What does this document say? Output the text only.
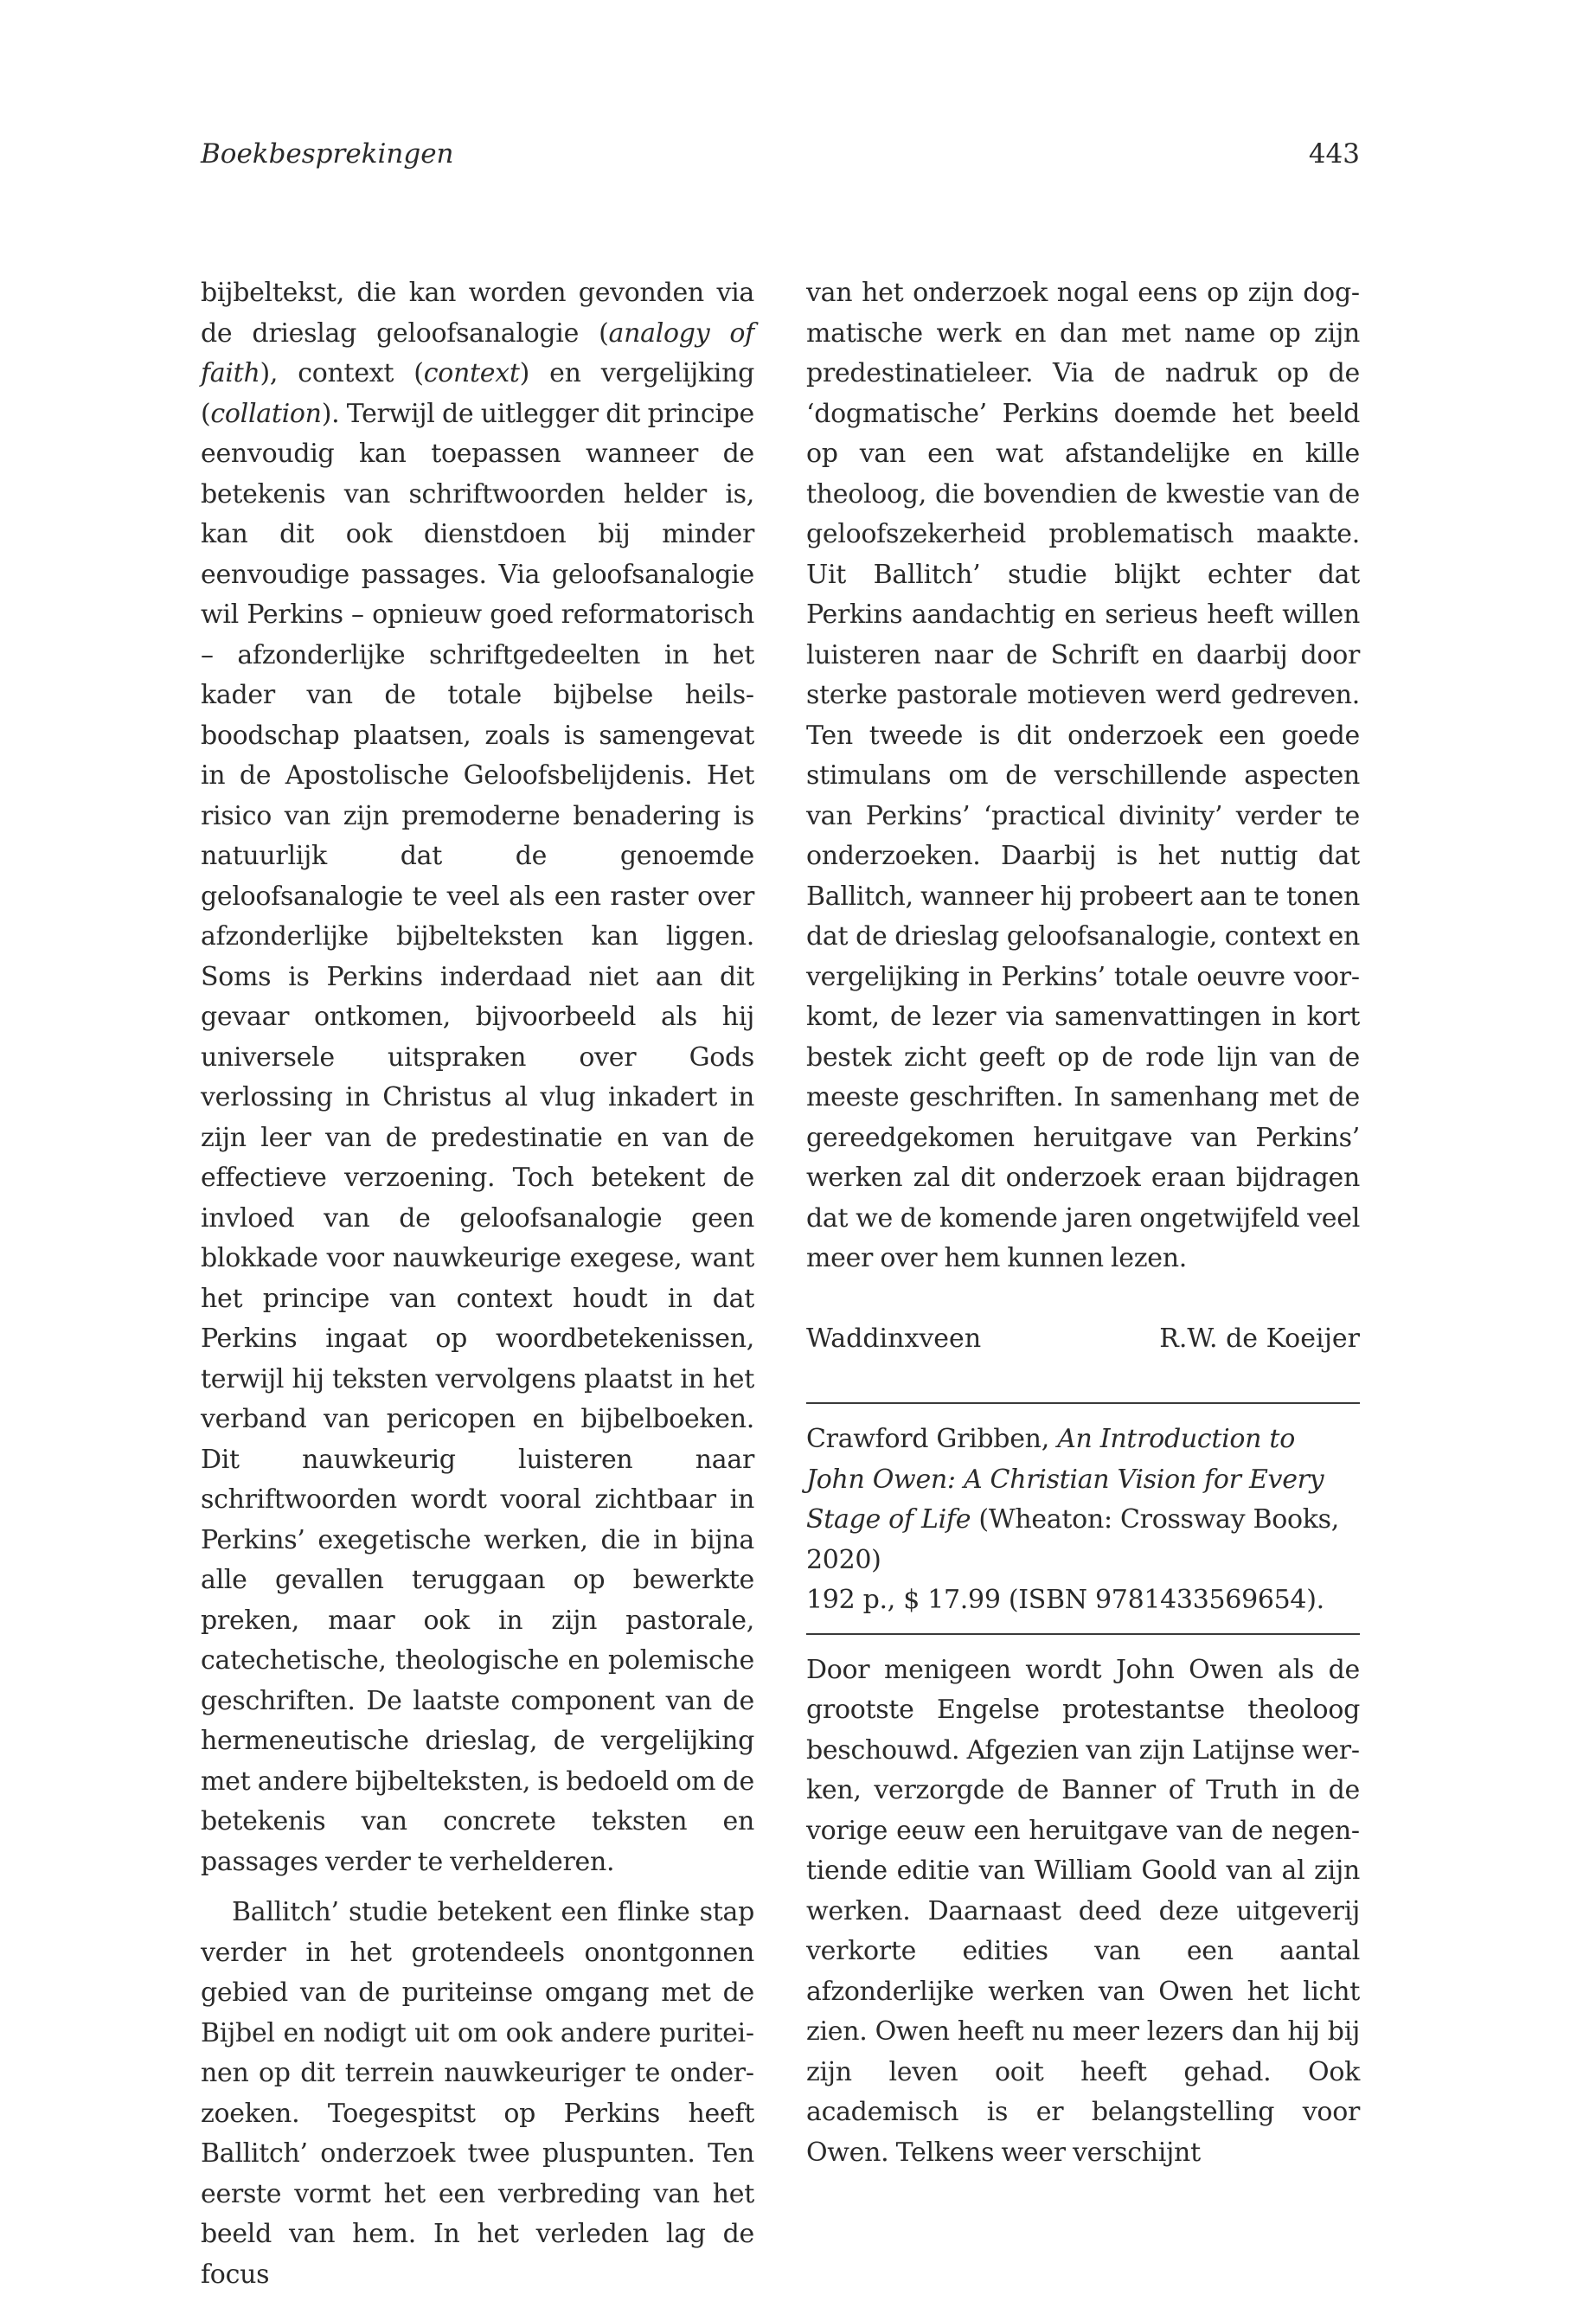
Boekbesprekingen	443

bijbeltekst, die kan worden gevonden via de drieslag geloofsanalogie (analogy of faith), context (context) en vergelijking (collation). Terwijl de uitlegger dit principe eenvoudig kan toepassen wanneer de betekenis van schriftwoorden helder is, kan dit ook dienstdoen bij minder eenvoudige passages. Via geloofsanalogie wil Perkins – opnieuw goed reformatorisch – afzonderlijke schriftgedeelten in het kader van de totale bijbelse heilsboodschap plaatsen, zoals is samengevat in de Apostolische Geloofsbelijdenis. Het risico van zijn premoderne benadering is natuurlijk dat de genoemde geloofsanalogie te veel als een raster over afzonderlijke bijbelteksten kan liggen. Soms is Perkins inderdaad niet aan dit gevaar ontkomen, bijvoorbeeld als hij universele uitspraken over Gods verlossing in Christus al vlug inkadert in zijn leer van de predestinatie en van de effectieve verzoening. Toch betekent de invloed van de geloofsanalogie geen blokkade voor nauwkeurige exegese, want het principe van context houdt in dat Perkins ingaat op woordbetekenissen, terwijl hij teksten vervolgens plaatst in het verband van pericopen en bijbelboeken. Dit nauwkeurig luisteren naar schriftwoorden wordt vooral zichtbaar in Perkins’ exegetische werken, die in bijna alle gevallen teruggaan op bewerkte preken, maar ook in zijn pastorale, catechetische, theologische en polemische geschriften. De laatste component van de hermeneutische drieslag, de vergelijking met andere bijbelteksten, is bedoeld om de betekenis van concrete teksten en passages verder te verhelderen.

Ballitch’ studie betekent een flinke stap verder in het grotendeels onontgonnen gebied van de puriteinse omgang met de Bijbel en nodigt uit om ook andere puriteinen op dit terrein nauwkeuriger te onderzoeken. Toegespitst op Perkins heeft Ballitch’ onderzoek twee pluspunten. Ten eerste vormt het een verbreding van het beeld van hem. In het verleden lag de focus

van het onderzoek nogal eens op zijn dogmatische werk en dan met name op zijn predestinatieleer. Via de nadruk op de ‘dogmatische’ Perkins doemde het beeld op van een wat afstandelijke en kille theoloog, die bovendien de kwestie van de geloofszekerheid problematisch maakte. Uit Ballitch’ studie blijkt echter dat Perkins aandachtig en serieus heeft willen luisteren naar de Schrift en daarbij door sterke pastorale motieven werd gedreven. Ten tweede is dit onderzoek een goede stimulans om de verschillende aspecten van Perkins’ ‘practical divinity’ verder te onderzoeken. Daarbij is het nuttig dat Ballitch, wanneer hij probeert aan te tonen dat de drieslag geloofsanalogie, context en vergelijking in Perkins’ totale oeuvre voorkomt, de lezer via samenvattingen in kort bestek zicht geeft op de rode lijn van de meeste geschriften. In samenhang met de gereedgekomen heruitgave van Perkins’ werken zal dit onderzoek eraan bijdragen dat we de komende jaren ongetwijfeld veel meer over hem kunnen lezen.

Waddinxveen	R.W. de Koeijer
Crawford Gribben, An Introduction to John Owen: A Christian Vision for Every Stage of Life (Wheaton: Crossway Books, 2020)
192 p., $ 17.99 (ISBN 9781433569654).

Door menigeen wordt John Owen als de grootste Engelse protestantse theoloog beschouwd. Afgezien van zijn Latijnse werken, verzorgde de Banner of Truth in de vorige eeuw een heruitgave van de negentiende editie van William Goold van al zijn werken. Daarnaast deed deze uitgeverij verkorte edities van een aantal afzonderlijke werken van Owen het licht zien. Owen heeft nu meer lezers dan hij bij zijn leven ooit heeft gehad. Ook academisch is er belangstelling voor Owen. Telkens weer verschijnt
